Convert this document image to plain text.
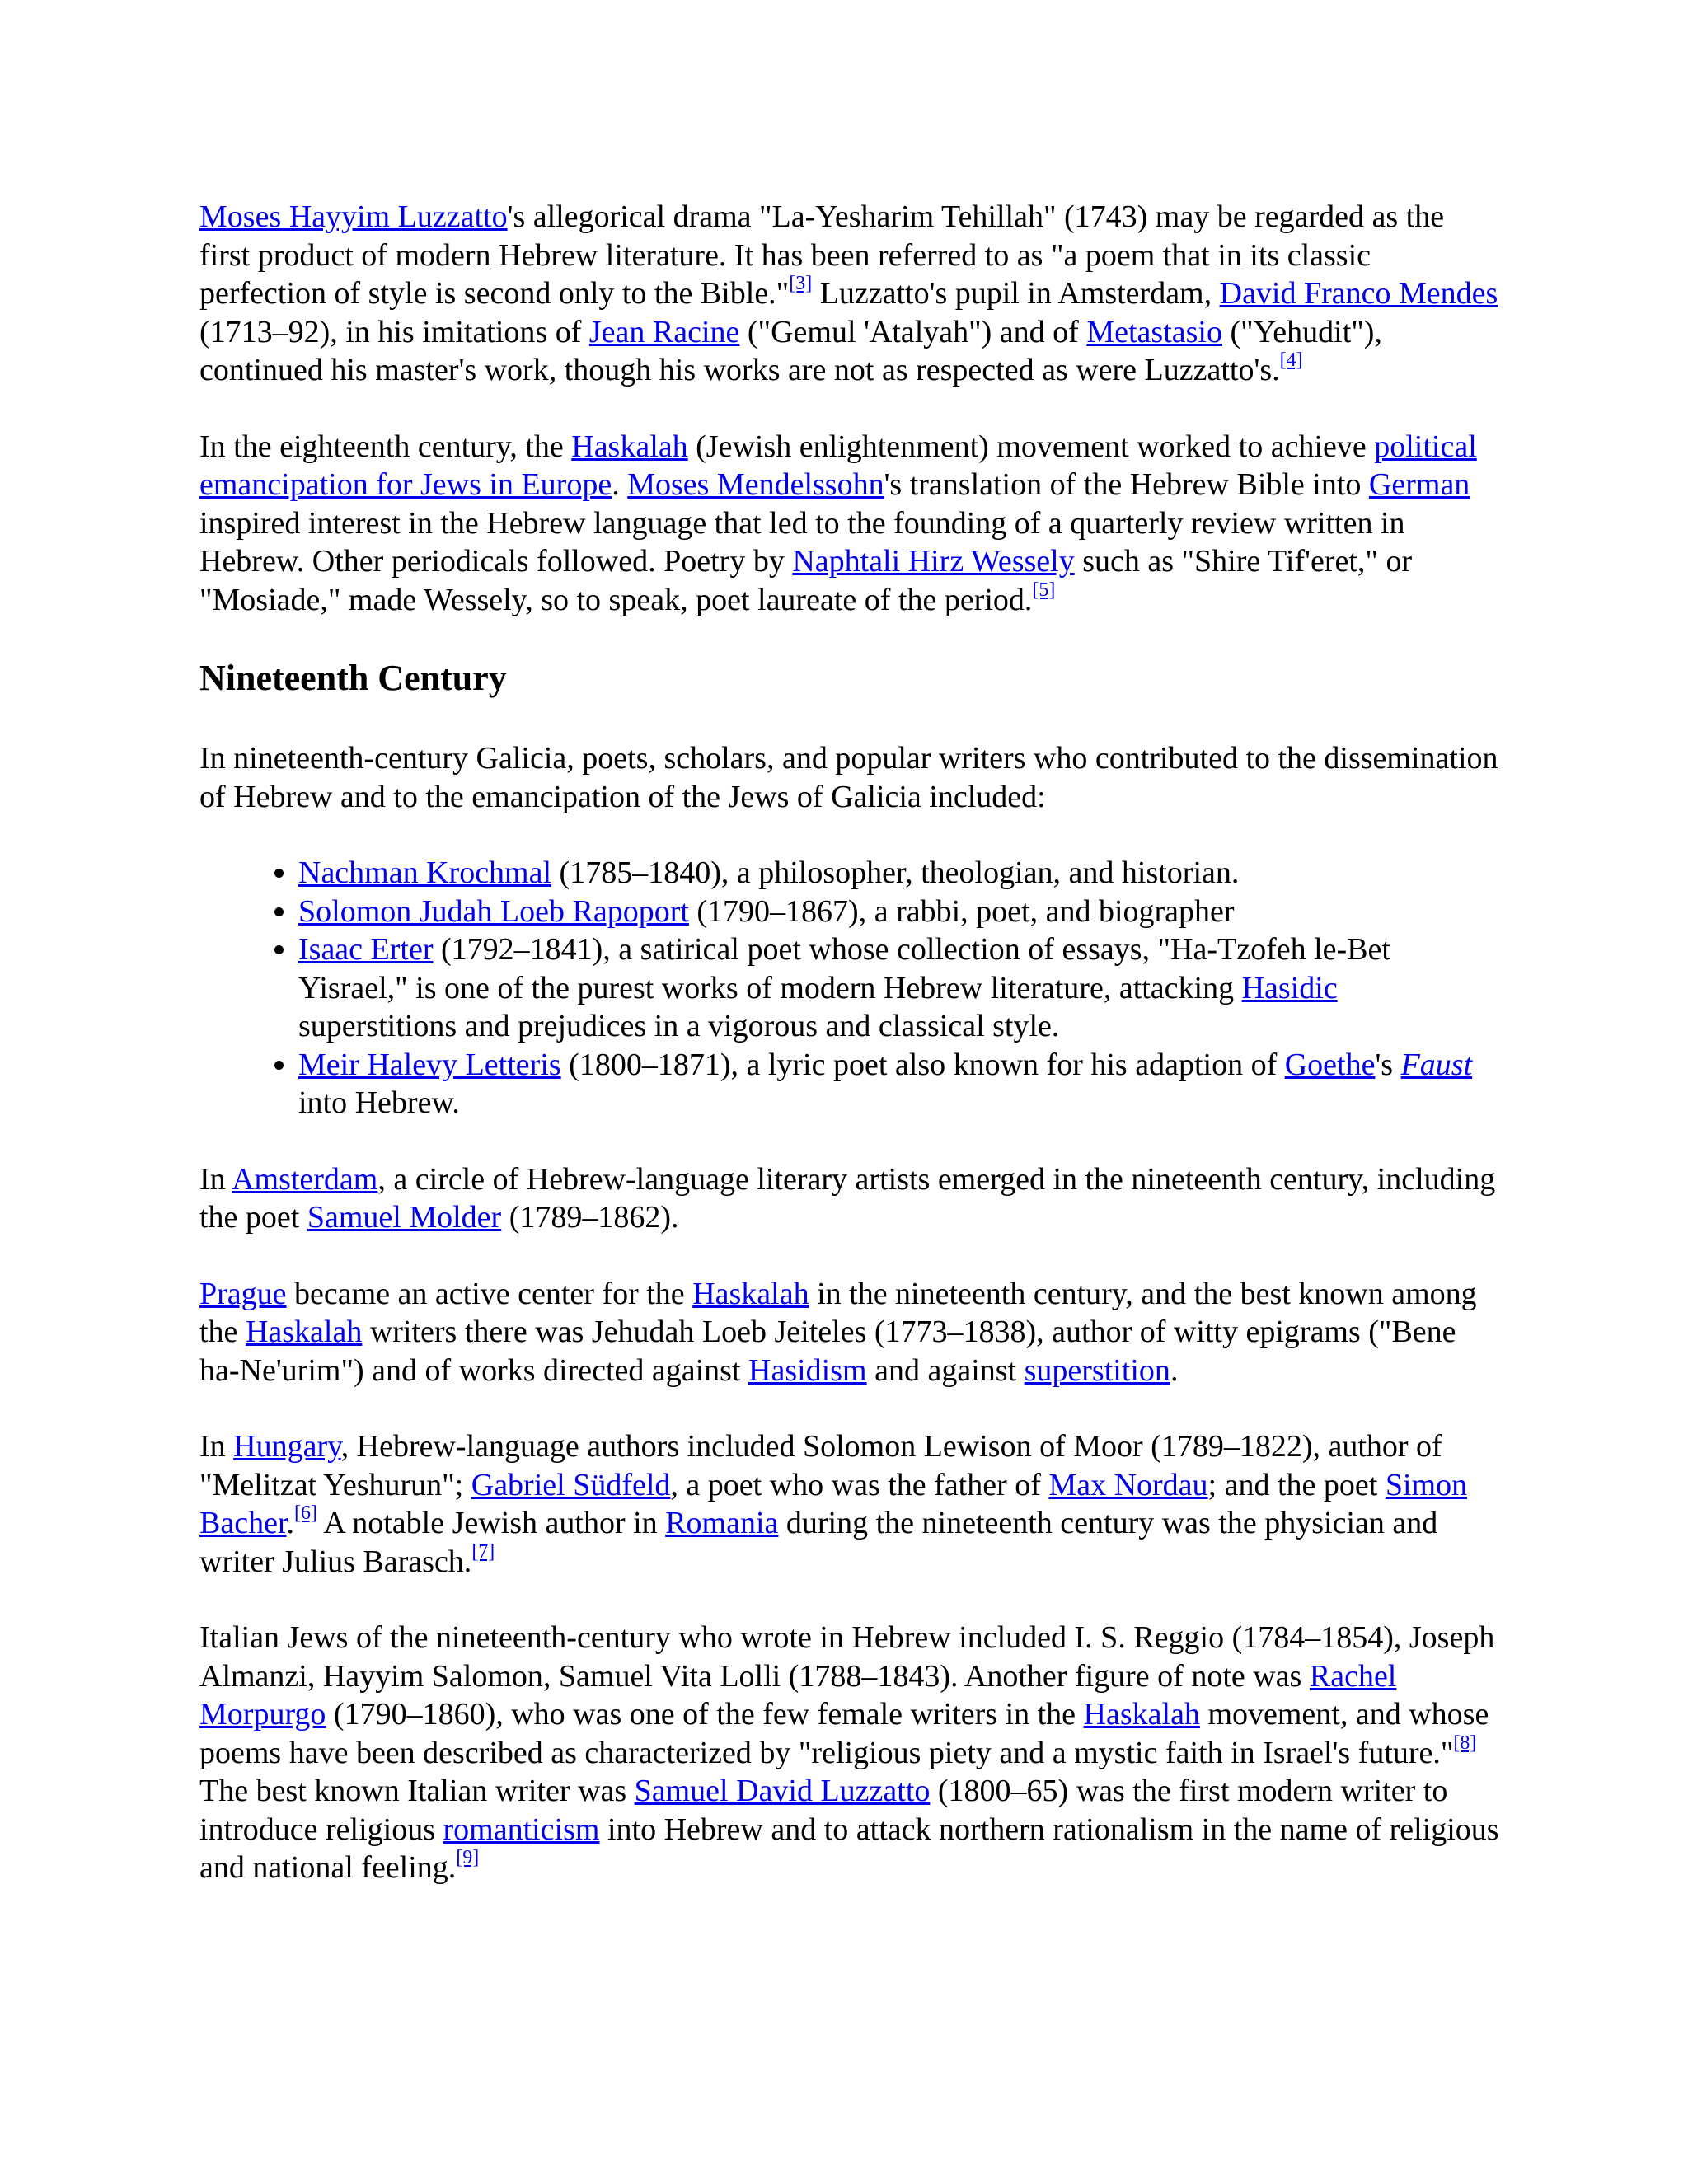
Moses Hayyim Luzzatto's allegorical drama "La-Yesharim Tehillah" (1743) may be regarded as the first product of modern Hebrew literature. It has been referred to as "a poem that in its classic perfection of style is second only to the Bible."[3] Luzzatto's pupil in Amsterdam, David Franco Mendes (1713–92), in his imitations of Jean Racine ("Gemul 'Atalyah") and of Metastasio ("Yehudit"), continued his master's work, though his works are not as respected as were Luzzatto's.[4]

In the eighteenth century, the Haskalah (Jewish enlightenment) movement worked to achieve political emancipation for Jews in Europe. Moses Mendelssohn's translation of the Hebrew Bible into German inspired interest in the Hebrew language that led to the founding of a quarterly review written in Hebrew. Other periodicals followed. Poetry by Naphtali Hirz Wessely such as "Shire Tif'eret," or "Mosiade," made Wessely, so to speak, poet laureate of the period.[5]

Nineteenth Century

In nineteenth-century Galicia, poets, scholars, and popular writers who contributed to the dissemination of Hebrew and to the emancipation of the Jews of Galicia included:

• Nachman Krochmal (1785–1840), a philosopher, theologian, and historian.
• Solomon Judah Loeb Rapoport (1790–1867), a rabbi, poet, and biographer
• Isaac Erter (1792–1841), a satirical poet whose collection of essays, "Ha-Tzofeh le-Bet Yisrael," is one of the purest works of modern Hebrew literature, attacking Hasidic superstitions and prejudices in a vigorous and classical style.
• Meir Halevy Letteris (1800–1871), a lyric poet also known for his adaption of Goethe's Faust into Hebrew.

In Amsterdam, a circle of Hebrew-language literary artists emerged in the nineteenth century, including the poet Samuel Molder (1789–1862).

Prague became an active center for the Haskalah in the nineteenth century, and the best known among the Haskalah writers there was Jehudah Loeb Jeiteles (1773–1838), author of witty epigrams ("Bene ha-Ne'urim") and of works directed against Hasidism and against superstition.

In Hungary, Hebrew-language authors included Solomon Lewison of Moor (1789–1822), author of "Melitzat Yeshurun"; Gabriel Südfeld, a poet who was the father of Max Nordau; and the poet Simon Bacher.[6] A notable Jewish author in Romania during the nineteenth century was the physician and writer Julius Barasch.[7]

Italian Jews of the nineteenth-century who wrote in Hebrew included I. S. Reggio (1784–1854), Joseph Almanzi, Hayyim Salomon, Samuel Vita Lolli (1788–1843). Another figure of note was Rachel Morpurgo (1790–1860), who was one of the few female writers in the Haskalah movement, and whose poems have been described as characterized by "religious piety and a mystic faith in Israel's future."[8] The best known Italian writer was Samuel David Luzzatto (1800–65) was the first modern writer to introduce religious romanticism into Hebrew and to attack northern rationalism in the name of religious and national feeling.[9]
